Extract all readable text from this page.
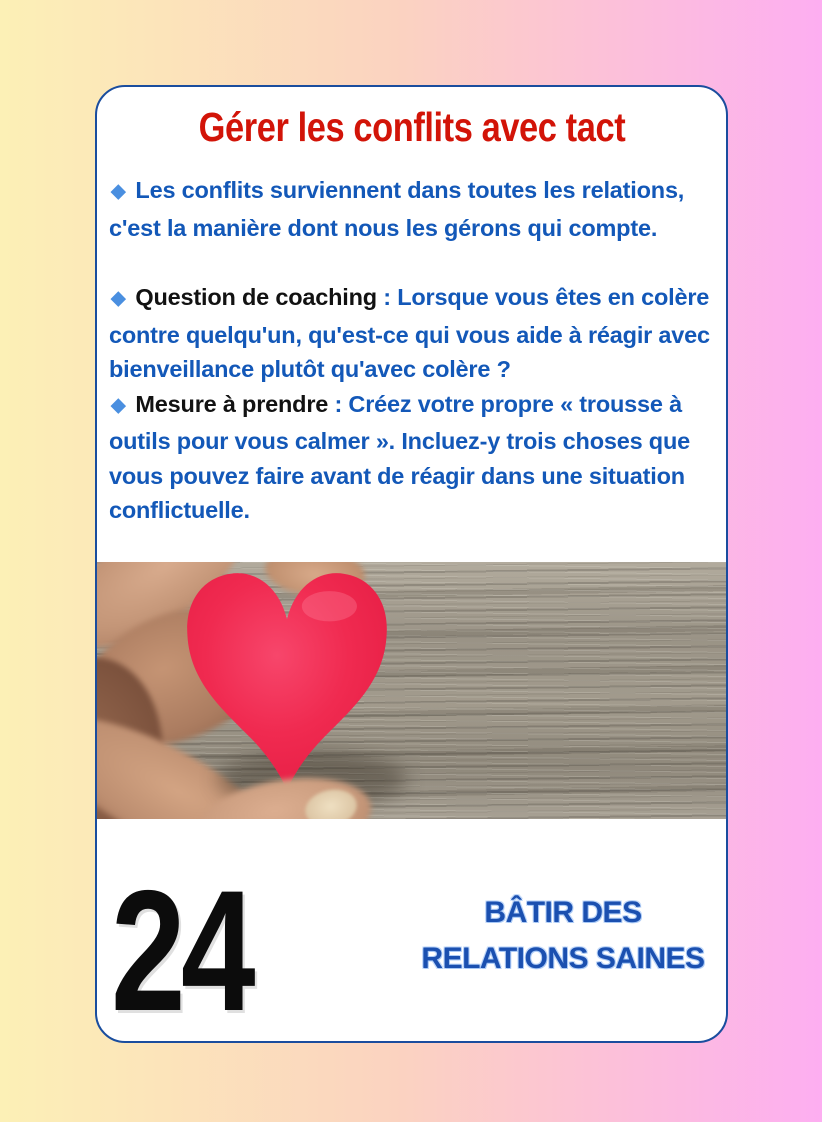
Gérer les conflits avec tact
◆ Les conflits surviennent dans toutes les relations, c'est la manière dont nous les gérons qui compte.
◆ Question de coaching : Lorsque vous êtes en colère contre quelqu'un, qu'est-ce qui vous aide à réagir avec bienveillance plutôt qu'avec colère ?
◆ Mesure à prendre : Créez votre propre « trousse à outils pour vous calmer ». Incluez-y trois choses que vous pouvez faire avant de réagir dans une situation conflictuelle.
24	BÂTIR DES
RELATIONS SAINES
